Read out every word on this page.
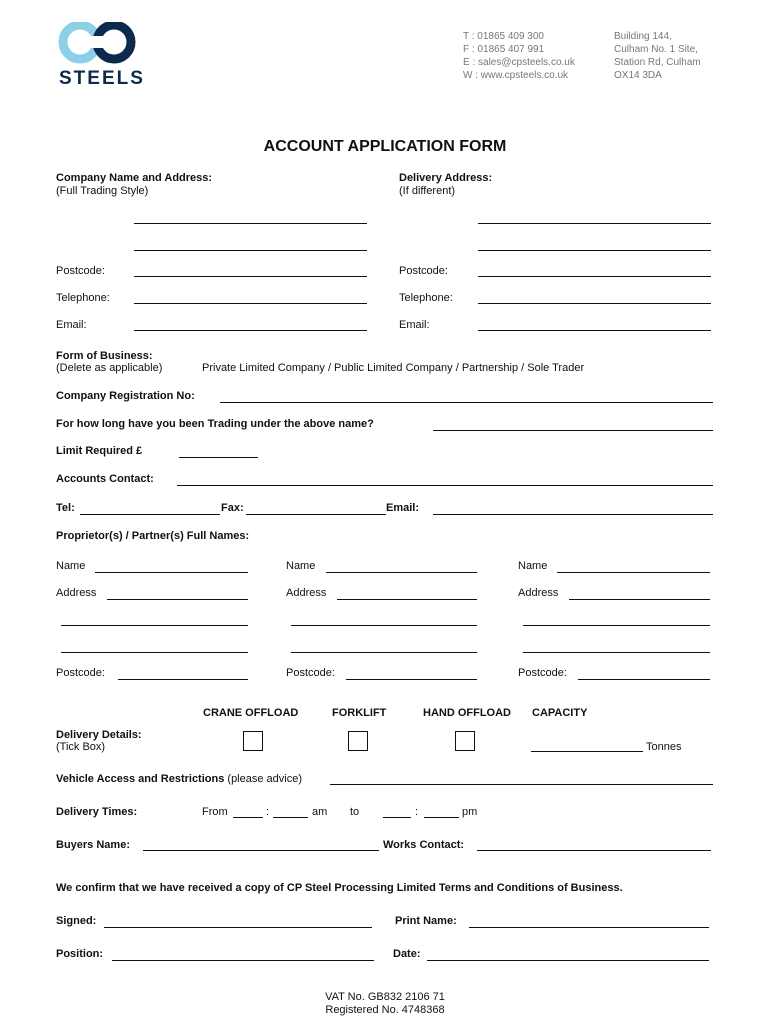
STEELS
T : 01865 409 300
F : 01865 407 991
E : sales@cpsteels.co.uk
W : www.cpsteels.co.uk
Building 144,
Culham No. 1 Site,
Station Rd, Culham
OX14 3DA
ACCOUNT APPLICATION FORM
Company Name and Address:
(Full Trading Style)
Delivery Address:
(If different)
Postcode:	Postcode:
Telephone:	Telephone:
Email:	Email:
Form of Business:
(Delete as applicable)	Private Limited Company / Public Limited Company / Partnership / Sole Trader
Company Registration No:
For how long have you been Trading under the above name?
Limit Required £
Accounts Contact:
Tel:	Fax:	Email:
Proprietor(s) / Partner(s) Full Names:
Name
Address
Postcode:
Name
Address
Postcode:
Name
Address
Postcode:
CRANE OFFLOAD	FORKLIFT	HAND OFFLOAD CAPACITY
Delivery Details:
(Tick Box)	Tonnes
Vehicle Access and Restrictions (please advice)
Delivery Times:	From	:	am to	:	pm
Buyers Name:	Works Contact:
We confirm that we have received a copy of CP Steel Processing Limited Terms and Conditions of Business.
Signed:	Print Name:
Position:	Date:
VAT No. GB832 2106 71
Registered No. 4748368
